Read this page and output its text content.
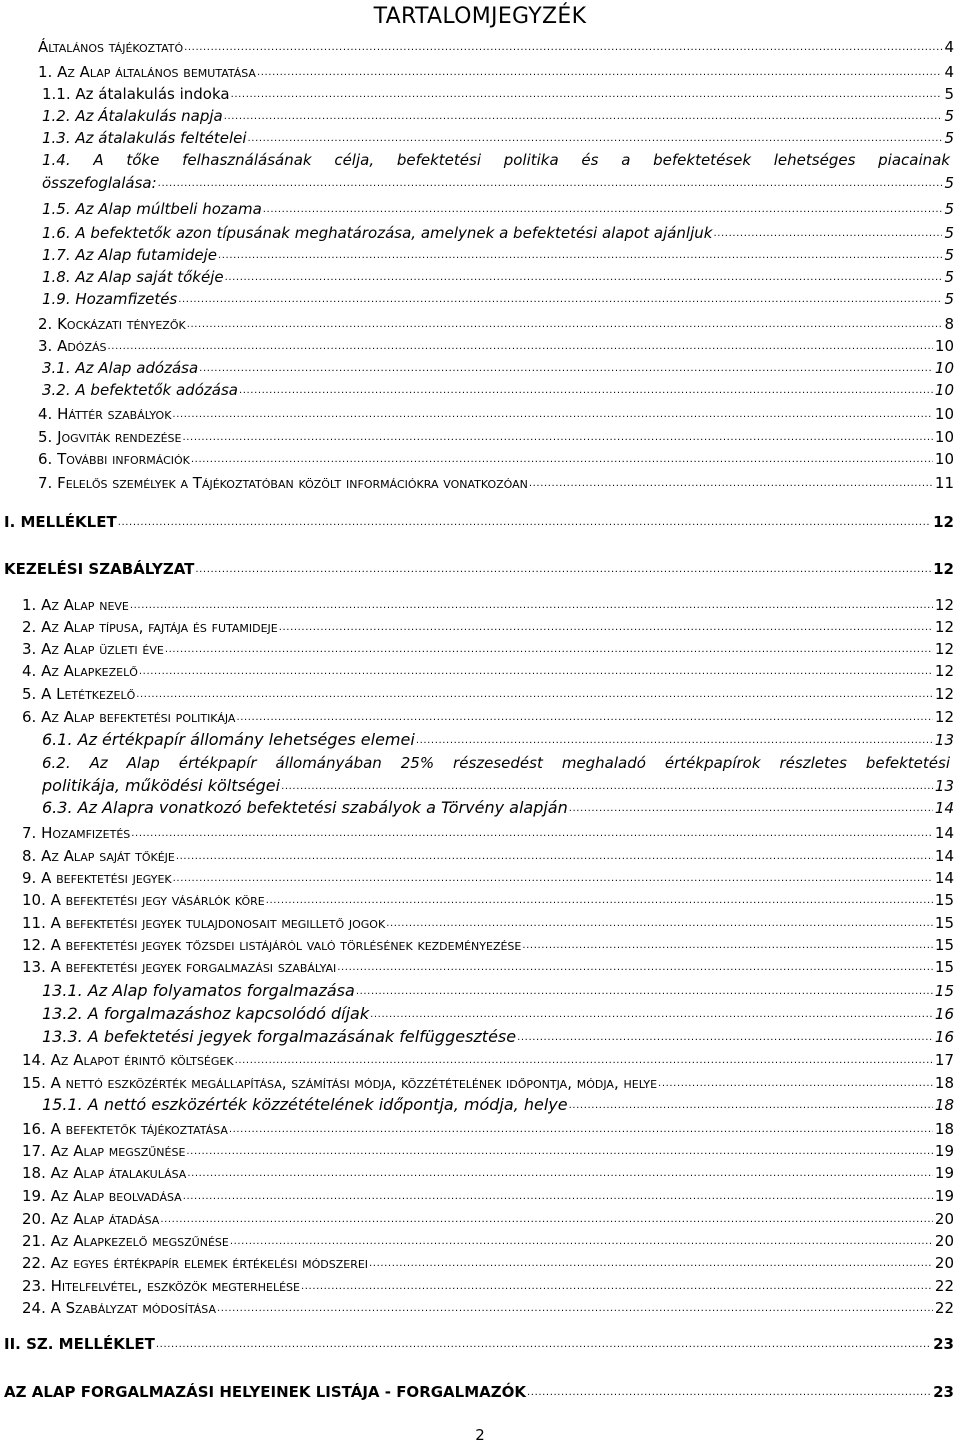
TARTALOMJEGYZÉK
Általános tájékoztató .....	4
1. Az Alap általános bemutatása .....	4
1.1. Az átalakulás indoka .....	5
1.2. Az Átalakulás napja .....	5
1.3. Az átalakulás feltételei .....	5
1.4. A tőke felhasználásának célja, befektetési politika és a befektetések lehetséges piacainak
összefoglalása: .....	5
1.5. Az Alap múltbeli hozama .....	5
1.6. A befektetők azon típusának meghatározása, amelynek a befektetési alapot ajánljuk .....	5
1.7. Az Alap futamideje .....	5
1.8. Az Alap saját tőkéje .....	5
1.9. Hozamfizetés .....	5
2. Kockázati tényezők .....	8
3. Adózás .....	10
3.1. Az Alap adózása .....	10
3.2. A befektetők adózása .....	10
4. Háttér szabályok .....	10
5. Jogviták rendezése .....	10
6. További információk .....	10
7. Felelős személyek a Tájékoztatóban közölt információkra vonatkozóan .....	11
I. MELLÉKLET .....	12
KEZELÉSI SZABÁLYZAT .....	12
1. Az Alap neve .....	12
2. Az Alap típusa, fajtája és futamideje .....	12
3. Az Alap üzleti éve .....	12
4. Az Alapkezelő .....	12
5. A Letétkezelő .....	12
6. Az Alap befektetési politikája .....	12
6.1. Az értékpapír állomány lehetséges elemei .....	13
6.2. Az Alap értékpapír állományában 25% részesedést meghaladó értékpapírok részletes befektetési
politikája, működési költségei .....	13
6.3. Az Alapra vonatkozó befektetési szabályok a Törvény alapján .....	14
7. Hozamfizetés .....	14
8. Az Alap saját tőkéje .....	14
9. A befektetési jegyek .....	14
10. A befektetési jegy vásárlók köre .....	15
11. A befektetési jegyek tulajdonosait megillető jogok .....	15
12. A befektetési jegyek tőzsdei listájáról való törlésének kezdeményezése .....	15
13. A befektetési jegyek forgalmazási szabályai .....	15
13.1. Az Alap folyamatos forgalmazása .....	15
13.2. A forgalmazáshoz kapcsolódó díjak .....	16
13.3. A befektetési jegyek forgalmazásának felfüggesztése .....	16
14. Az Alapot érintő költségek .....	17
15. A nettó eszközérték megállapítása, számítási módja, közzétételének időpontja, módja, helye .....	18
15.1. A nettó eszközérték közzétételének időpontja, módja, helye .....	18
16. A befektetők tájékoztatása .....	18
17. Az Alap megszűnése .....	19
18. Az Alap átalakulása .....	19
19. Az Alap beolvadása .....	19
20. Az Alap átadása .....	20
21. Az Alapkezelő megszűnése .....	20
22. Az egyes értékpapír elemek értékelési módszerei .....	20
23. Hitelfelvétel, eszközök megterhelése .....	22
24. A Szabályzat módosítása .....	22
II. SZ. MELLÉKLET .....	23
AZ ALAP FORGALMAZÁSI HELYEINEK LISTÁJA - FORGALMAZÓK .....	23
2
